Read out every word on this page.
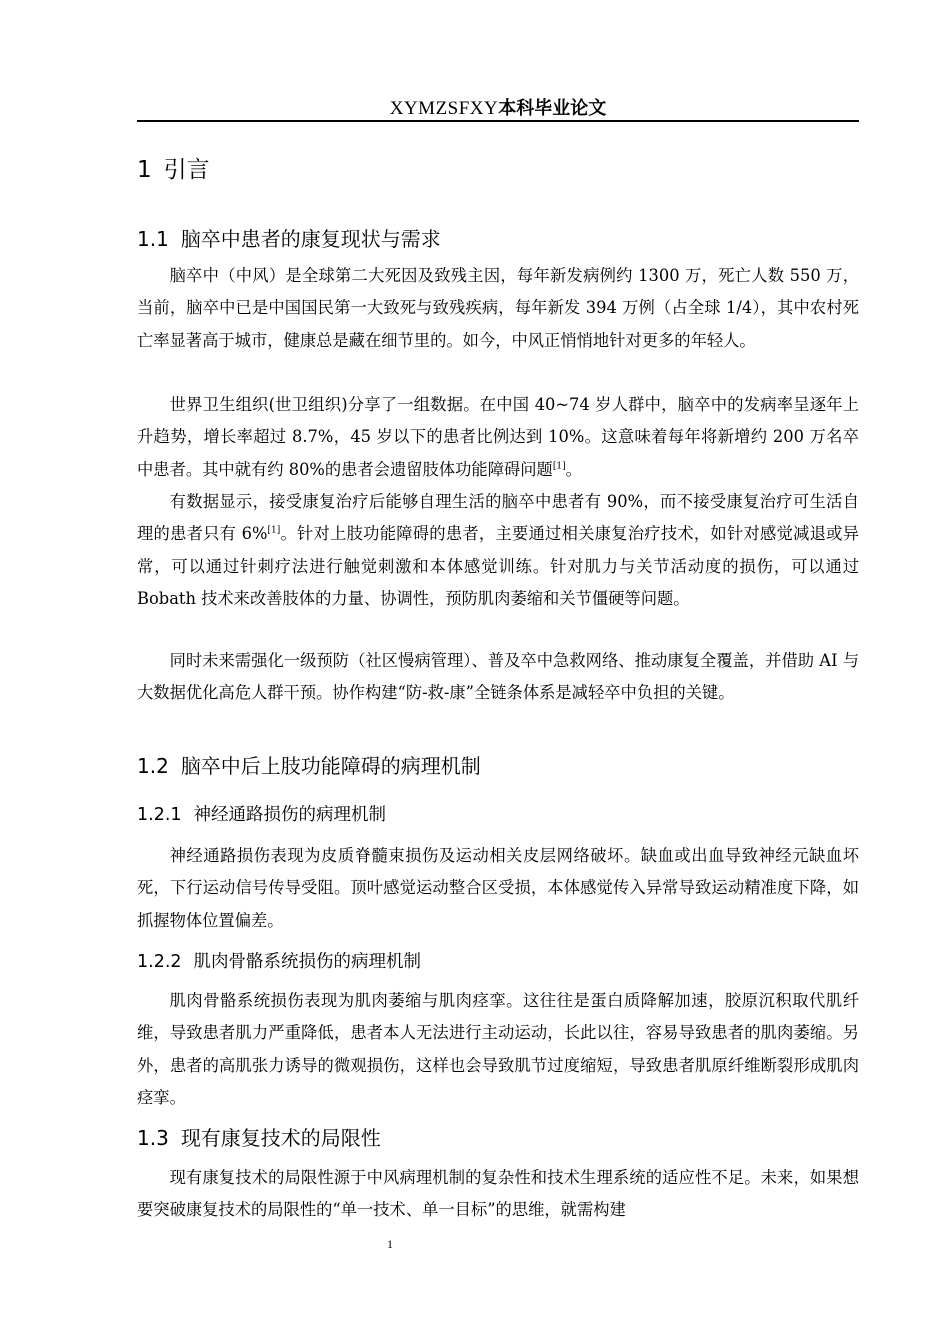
XYMZSFXY本科毕业论文
1 引言
1.1 脑卒中患者的康复现状与需求

脑卒中（中风）是全球第二大死因及致残主因，每年新发病例约 1300 万，死亡人数 550 万，当前，脑卒中已是中国国民第一大致死与致残疾病，每年新发 394 万例（占全球 1/4），其中农村死亡率显著高于城市，健康总是藏在细节里的。如今，中风正悄悄地针对更多的年轻人。

世界卫生组织(世卫组织)分享了一组数据。在中国 40~74 岁人群中，脑卒中的发病率呈逐年上升趋势，增长率超过 8.7%，45 岁以下的患者比例达到 10%。这意味着每年将新增约 200 万名卒中患者。其中就有约 80%的患者会遗留肢体功能障碍问题[1]。

有数据显示，接受康复治疗后能够自理生活的脑卒中患者有 90%，而不接受康复治疗可生活自理的患者只有 6%[1]。针对上肢功能障碍的患者，主要通过相关康复治疗技术，如针对感觉减退或异常，可以通过针刺疗法进行触觉刺激和本体感觉训练。针对肌力与关节活动度的损伤，可以通过 Bobath 技术来改善肢体的力量、协调性，预防肌肉萎缩和关节僵硬等问题。

同时未来需强化一级预防（社区慢病管理）、普及卒中急救网络、推动康复全覆盖，并借助 AI 与大数据优化高危人群干预。协作构建“防-救-康”全链条体系是减轻卒中负担的关键。

1.2 脑卒中后上肢功能障碍的病理机制
1.2.1 神经通路损伤的病理机制

神经通路损伤表现为皮质脊髓束损伤及运动相关皮层网络破坏。缺血或出血导致神经元缺血坏死，下行运动信号传导受阻。顶叶感觉运动整合区受损，本体感觉传入异常导致运动精准度下降，如抓握物体位置偏差。

1.2.2 肌肉骨骼系统损伤的病理机制

肌肉骨骼系统损伤表现为肌肉萎缩与肌肉痉挛。这往往是蛋白质降解加速，胶原沉积取代肌纤维，导致患者肌力严重降低，患者本人无法进行主动运动，长此以往，容易导致患者的肌肉萎缩。另外，患者的高肌张力诱导的微观损伤，这样也会导致肌节过度缩短，导致患者肌原纤维断裂形成肌肉痉挛。

1.3 现有康复技术的局限性

现有康复技术的局限性源于中风病理机制的复杂性和技术生理系统的适应性不足。未来，如果想要突破康复技术的局限性的“单一技术、单一目标”的思维，就需构建

1
